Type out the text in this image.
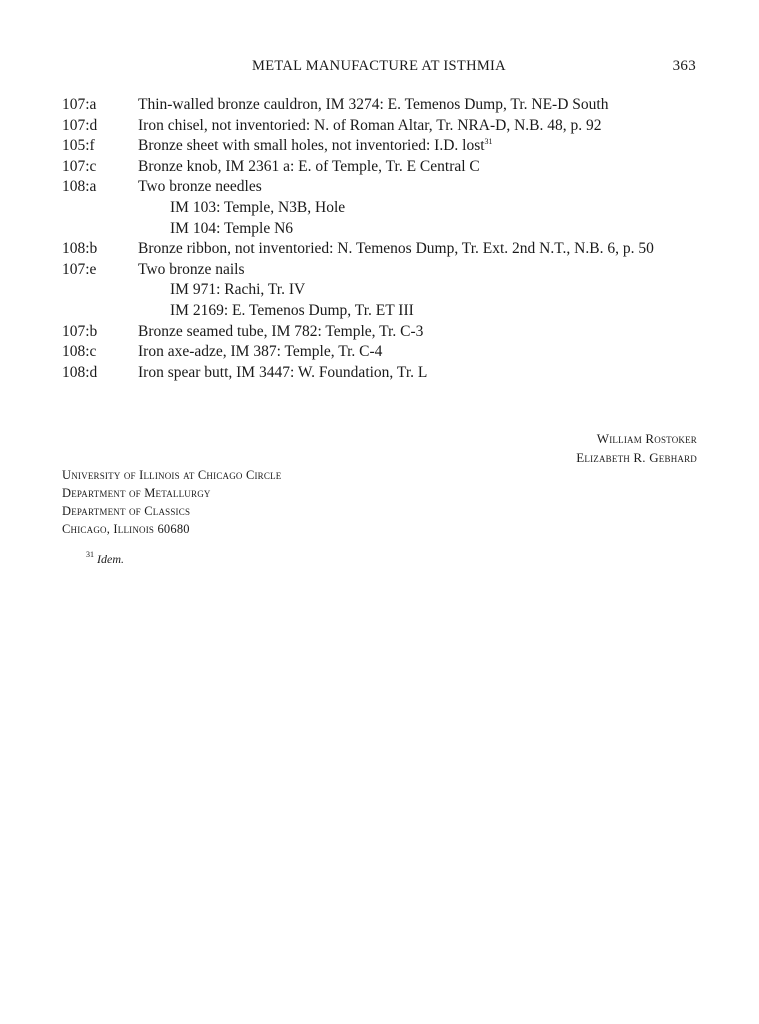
METAL MANUFACTURE AT ISTHMIA	363
107:a	Thin-walled bronze cauldron, IM 3274: E. Temenos Dump, Tr. NE-D South
107:d	Iron chisel, not inventoried: N. of Roman Altar, Tr. NRA-D, N.B. 48, p. 92
105:f	Bronze sheet with small holes, not inventoried: I.D. lost$^{31}$
107:c	Bronze knob, IM 2361 a: E. of Temple, Tr. E Central C
108:a	Two bronze needles
IM 103: Temple, N3B, Hole
IM 104: Temple N6
108:b	Bronze ribbon, not inventoried: N. Temenos Dump, Tr. Ext. 2nd N.T., N.B. 6, p. 50
107:e	Two bronze nails
IM 971: Rachi, Tr. IV
IM 2169: E. Temenos Dump, Tr. ET III
107:b	Bronze seamed tube, IM 782: Temple, Tr. C-3
108:c	Iron axe-adze, IM 387: Temple, Tr. C-4
108:d	Iron spear butt, IM 3447: W. Foundation, Tr. L
William Rostoker
Elizabeth R. Gebhard
University of Illinois at Chicago Circle
Department of Metallurgy
Department of Classics
Chicago, Illinois 60680
$^{31}$ Idem.
